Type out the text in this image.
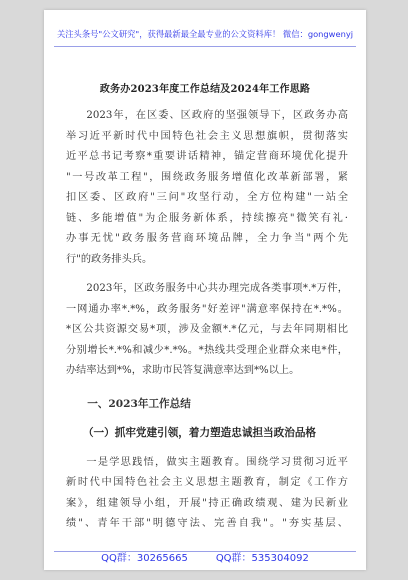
关注头条号"公文研究"，获得最新最全最专业的公文资料库！ 微信：gongwenyj
政务办2023年度工作总结及2024年工作思路
2023年，在区委、区政府的坚强领导下，区政务办高
举习近平新时代中国特色社会主义思想旗帜，贯彻落实
近平总书记考察*重要讲话精神，锚定营商环境优化提升
"一号改革工程"，围绕政务服务增值化改革新部署，紧
扣区委、区政府"三问"攻坚行动，全方位构建"一站全
链、多能增值"为企服务新体系，持续擦亮"微笑有礼·
办事无忧"政务服务营商环境品牌，全力争当"两个先
行"的政务排头兵。
2023年，区政务服务中心共办理完成各类事项*.*万件，
一网通办率*.*%，政务服务"好差评"满意率保持在*.*%。
*区公共资源交易*项，涉及金额*.*亿元，与去年同期相比
分别增长*.*%和减少*.*%。*热线共受理企业群众来电*件，
办结率达到*%，求助市民答复满意率达到*%以上。
一、2023年工作总结
（一）抓牢党建引领，着力塑造忠诚担当政治品格
一是学思践悟，做实主题教育。围绕学习贯彻习近平
新时代中国特色社会主义思想主题教育，制定《工作方
案》，组建领导小组，开展"持正确政绩观、建为民新业
绩"、青年干部"明德守法、完善自我"。"夯实基层、
QQ群：30265665	QQ群：535304092
